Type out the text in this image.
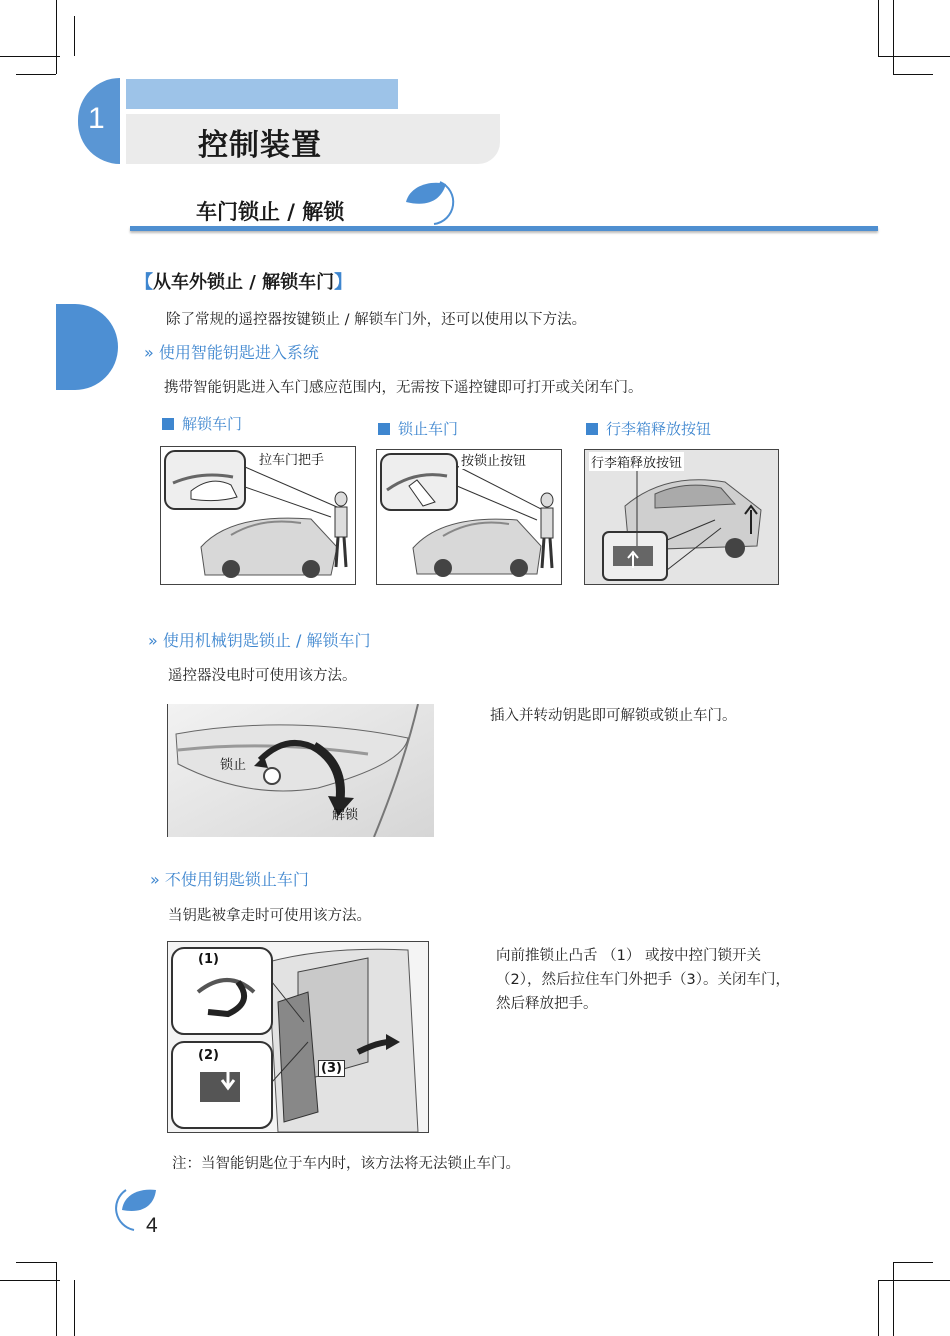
1
控制装置
车门锁止 / 解锁
【从车外锁止 / 解锁车门】
除了常规的遥控器按键锁止 / 解锁车门外，还可以使用以下方法。
» 使用智能钥匙进入系统
携带智能钥匙进入车门感应范围内，无需按下遥控键即可打开或关闭车门。
解锁车门	锁止车门	行李箱释放按钮
拉车门把手	按锁止按钮	行李箱释放按钮
» 使用机械钥匙锁止 / 解锁车门
遥控器没电时可使用该方法。
锁止
解锁
插入并转动钥匙即可解锁或锁止车门。
» 不使用钥匙锁止车门
当钥匙被拿走时可使用该方法。
(1)
(2)
(3)
向前推锁止凸舌 （1） 或按中控门锁开关
（2），然后拉住车门外把手（3）。关闭车门，
然后释放把手。
注：当智能钥匙位于车内时，该方法将无法锁止车门。
4
